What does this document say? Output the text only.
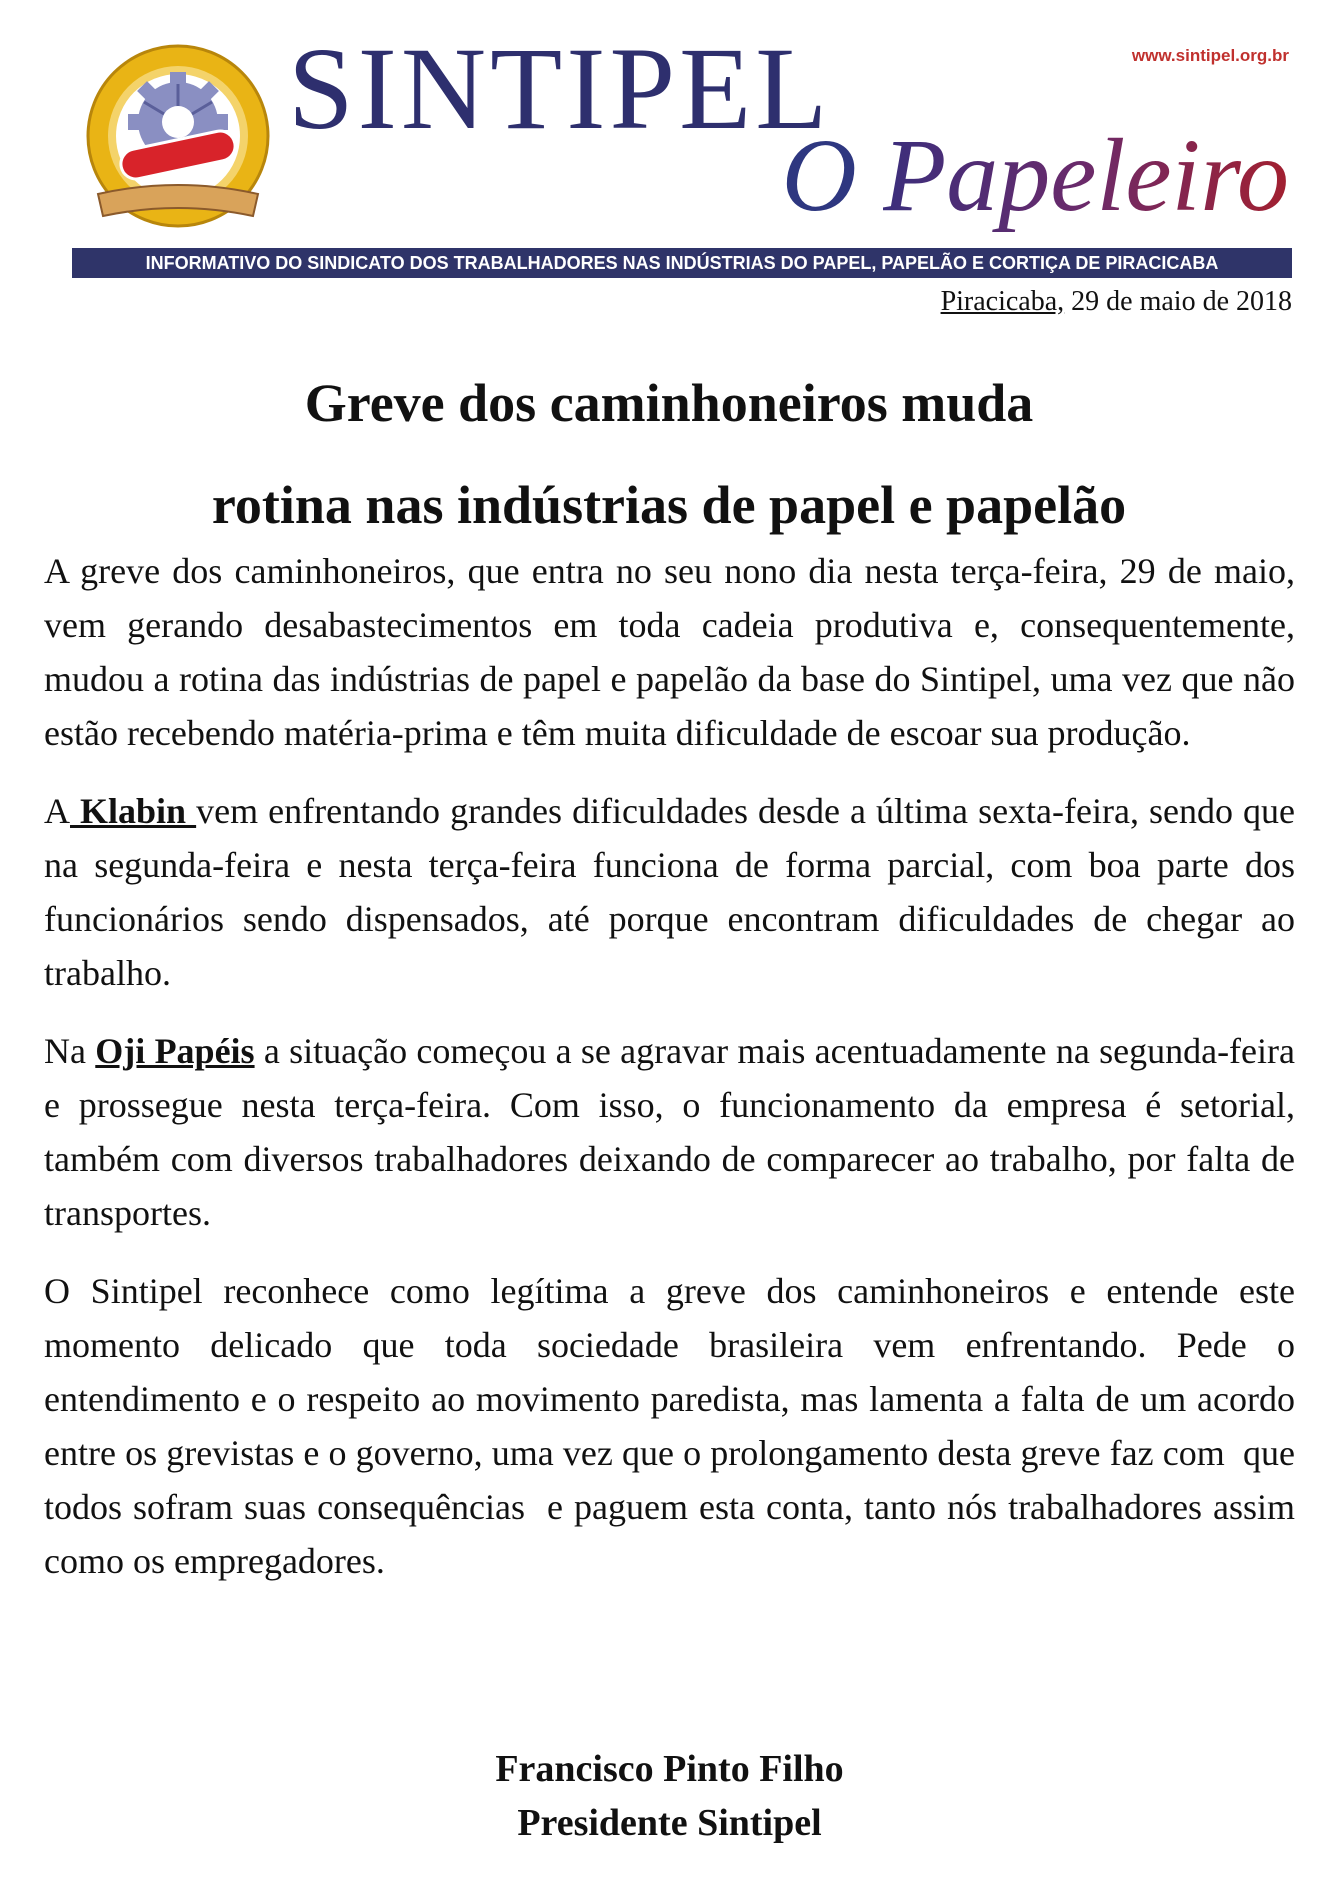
SINTIPEL	www.sintipel.org.br
O Papeleiro
INFORMATIVO DO SINDICATO DOS TRABALHADORES NAS INDÚSTRIAS DO PAPEL, PAPELÃO E CORTIÇA DE PIRACICABA
Piracicaba, 29 de maio de 2018
Greve dos caminhoneiros muda
rotina nas indústrias de papel e papelão

A greve dos caminhoneiros, que entra no seu nono dia nesta terça-feira, 29 de maio, vem gerando desabastecimentos em toda cadeia produtiva e, consequentemente, mudou a rotina das indústrias de papel e papelão da base do Sintipel, uma vez que não estão recebendo matéria-prima e têm muita dificuldade de escoar sua produção.

A Klabin vem enfrentando grandes dificuldades desde a última sexta-feira, sendo que na segunda-feira e nesta terça-feira funciona de forma parcial, com boa parte dos funcionários sendo dispensados, até porque encontram dificuldades de chegar ao trabalho.

Na Oji Papéis a situação começou a se agravar mais acentuadamente na segunda-feira e prossegue nesta terça-feira. Com isso, o funcionamento da empresa é setorial, também com diversos trabalhadores deixando de comparecer ao trabalho, por falta de transportes.

O Sintipel reconhece como legítima a greve dos caminhoneiros e entende este momento delicado que toda sociedade brasileira vem enfrentando. Pede o entendimento e o respeito ao movimento paredista, mas lamenta a falta de um acordo entre os grevistas e o governo, uma vez que o prolongamento desta greve faz com  que todos sofram suas consequências  e paguem esta conta, tanto nós trabalhadores assim como os empregadores.

Francisco Pinto Filho
Presidente Sintipel
